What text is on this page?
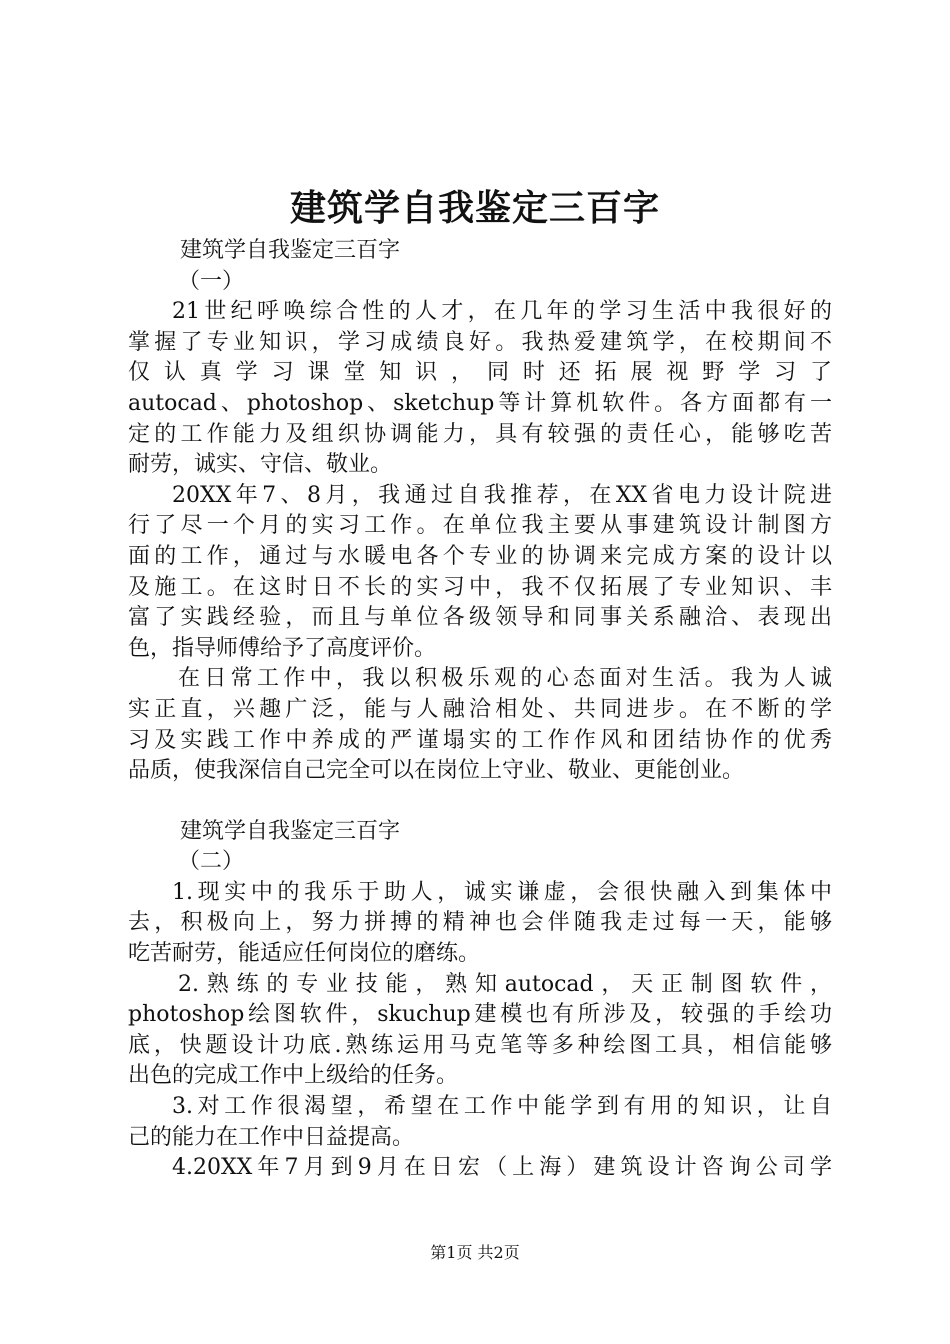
建筑学自我鉴定三百字
建筑学自我鉴定三百字
（一）
21世纪呼唤综合性的人才，在几年的学习生活中我很好的
掌握了专业知识，学习成绩良好。我热爱建筑学，在校期间不
仅认真学习课堂知识，同时还拓展视野学习了
autocad、photoshop、sketchup等计算机软件。各方面都有一
定的工作能力及组织协调能力，具有较强的责任心，能够吃苦
耐劳，诚实、守信、敬业。
20XX年7、8月，我通过自我推荐，在XX省电力设计院进
行了尽一个月的实习工作。在单位我主要从事建筑设计制图方
面的工作，通过与水暖电各个专业的协调来完成方案的设计以
及施工。在这时日不长的实习中，我不仅拓展了专业知识、丰
富了实践经验，而且与单位各级领导和同事关系融洽、表现出
色，指导师傅给予了高度评价。
在日常工作中，我以积极乐观的心态面对生活。我为人诚
实正直，兴趣广泛，能与人融洽相处、共同进步。在不断的学
习及实践工作中养成的严谨塌实的工作作风和团结协作的优秀
品质，使我深信自己完全可以在岗位上守业、敬业、更能创业。
建筑学自我鉴定三百字
（二）
1.现实中的我乐于助人，诚实谦虚，会很快融入到集体中
去，积极向上，努力拼搏的精神也会伴随我走过每一天，能够
吃苦耐劳，能适应任何岗位的磨练。
2.熟练的专业技能，熟知autocad，天正制图软件，
photoshop绘图软件，skuchup建模也有所涉及，较强的手绘功
底，快题设计功底.熟练运用马克笔等多种绘图工具，相信能够
出色的完成工作中上级给的任务。
3.对工作很渴望，希望在工作中能学到有用的知识，让自
己的能力在工作中日益提高。
4.20XX年7月到9月在日宏（上海）建筑设计咨询公司学
第1页 共2页
